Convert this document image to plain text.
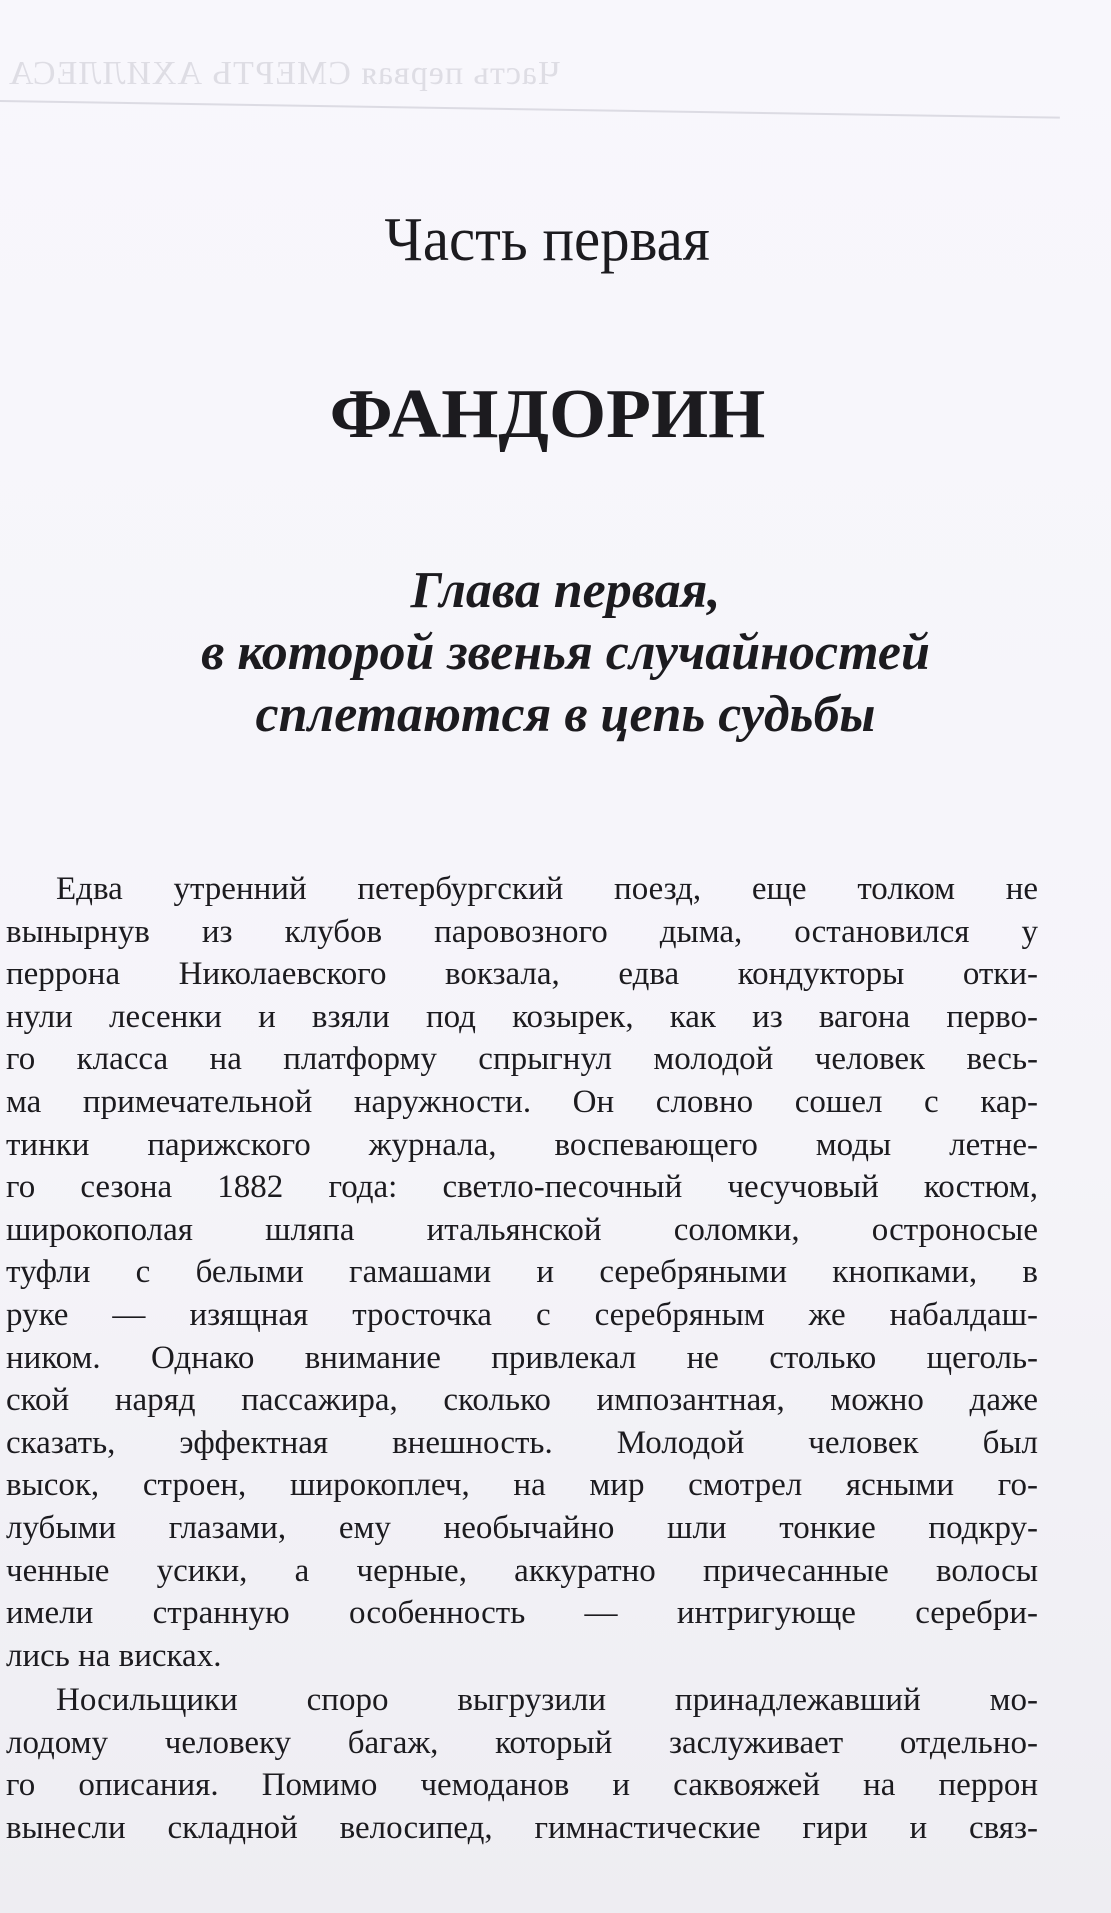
Часть первая СМЕРТЬ АХИЛЛЕСА
Часть первая
ФАНДОРИН
Глава первая,
в которой звенья случайностей
сплетаются в цепь судьбы
Едва утренний петербургский поезд, еще толком не
вынырнув из клубов паровозного дыма, остановился у
перрона Николаевского вокзала, едва кондукторы отки-
нули лесенки и взяли под козырек, как из вагона перво-
го класса на платформу спрыгнул молодой человек весь-
ма примечательной наружности. Он словно сошел с кар-
тинки парижского журнала, воспевающего моды летне-
го сезона 1882 года: светло-песочный чесучовый костюм,
широкополая шляпа итальянской соломки, остроносые
туфли с белыми гамашами и серебряными кнопками, в
руке — изящная тросточка с серебряным же набалдаш-
ником. Однако внимание привлекал не столько щеголь-
ской наряд пассажира, сколько импозантная, можно даже
сказать, эффектная внешность. Молодой человек был
высок, строен, широкоплеч, на мир смотрел ясными го-
лубыми глазами, ему необычайно шли тонкие подкру-
ченные усики, а черные, аккуратно причесанные волосы
имели странную особенность — интригующе серебри-
лись на висках.
Носильщики споро выгрузили принадлежавший мо-
лодому человеку багаж, который заслуживает отдельно-
го описания. Помимо чемоданов и саквояжей на перрон
вынесли складной велосипед, гимнастические гири и связ-
